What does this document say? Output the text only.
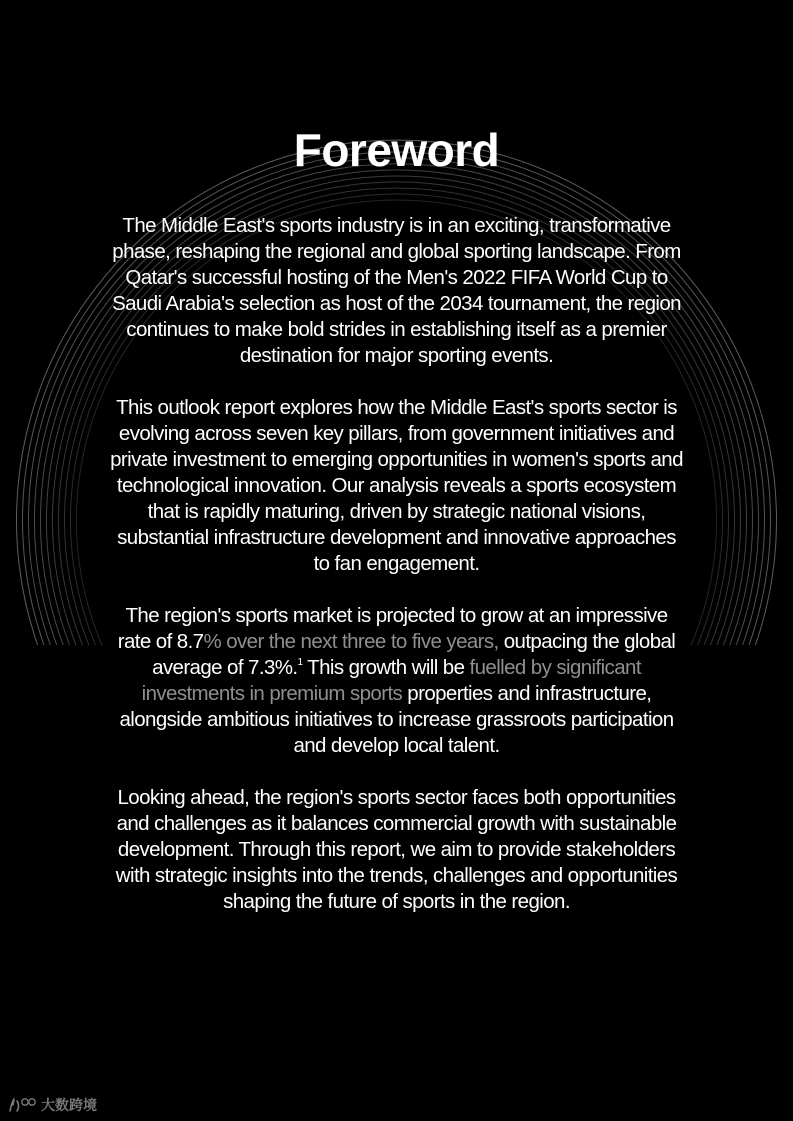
Foreword

The Middle East's sports industry is in an exciting, transformative phase, reshaping the regional and global sporting landscape. From Qatar's successful hosting of the Men's 2022 FIFA World Cup to Saudi Arabia's selection as host of the 2034 tournament, the region continues to make bold strides in establishing itself as a premier destination for major sporting events.

This outlook report explores how the Middle East's sports sector is evolving across seven key pillars, from government initiatives and private investment to emerging opportunities in women's sports and technological innovation. Our analysis reveals a sports ecosystem that is rapidly maturing, driven by strategic national visions, substantial infrastructure development and innovative approaches to fan engagement.

The region's sports market is projected to grow at an impressive rate of 8.7% over the next three to five years, outpacing the global average of 7.3%.$^1$ This growth will be fuelled by significant investments in premium sports properties and infrastructure, alongside ambitious initiatives to increase grassroots participation and develop local talent.

Looking ahead, the region's sports sector faces both opportunities and challenges as it balances commercial growth with sustainable development. Through this report, we aim to provide stakeholders with strategic insights into the trends, challenges and opportunities shaping the future of sports in the region.

大数跨境
